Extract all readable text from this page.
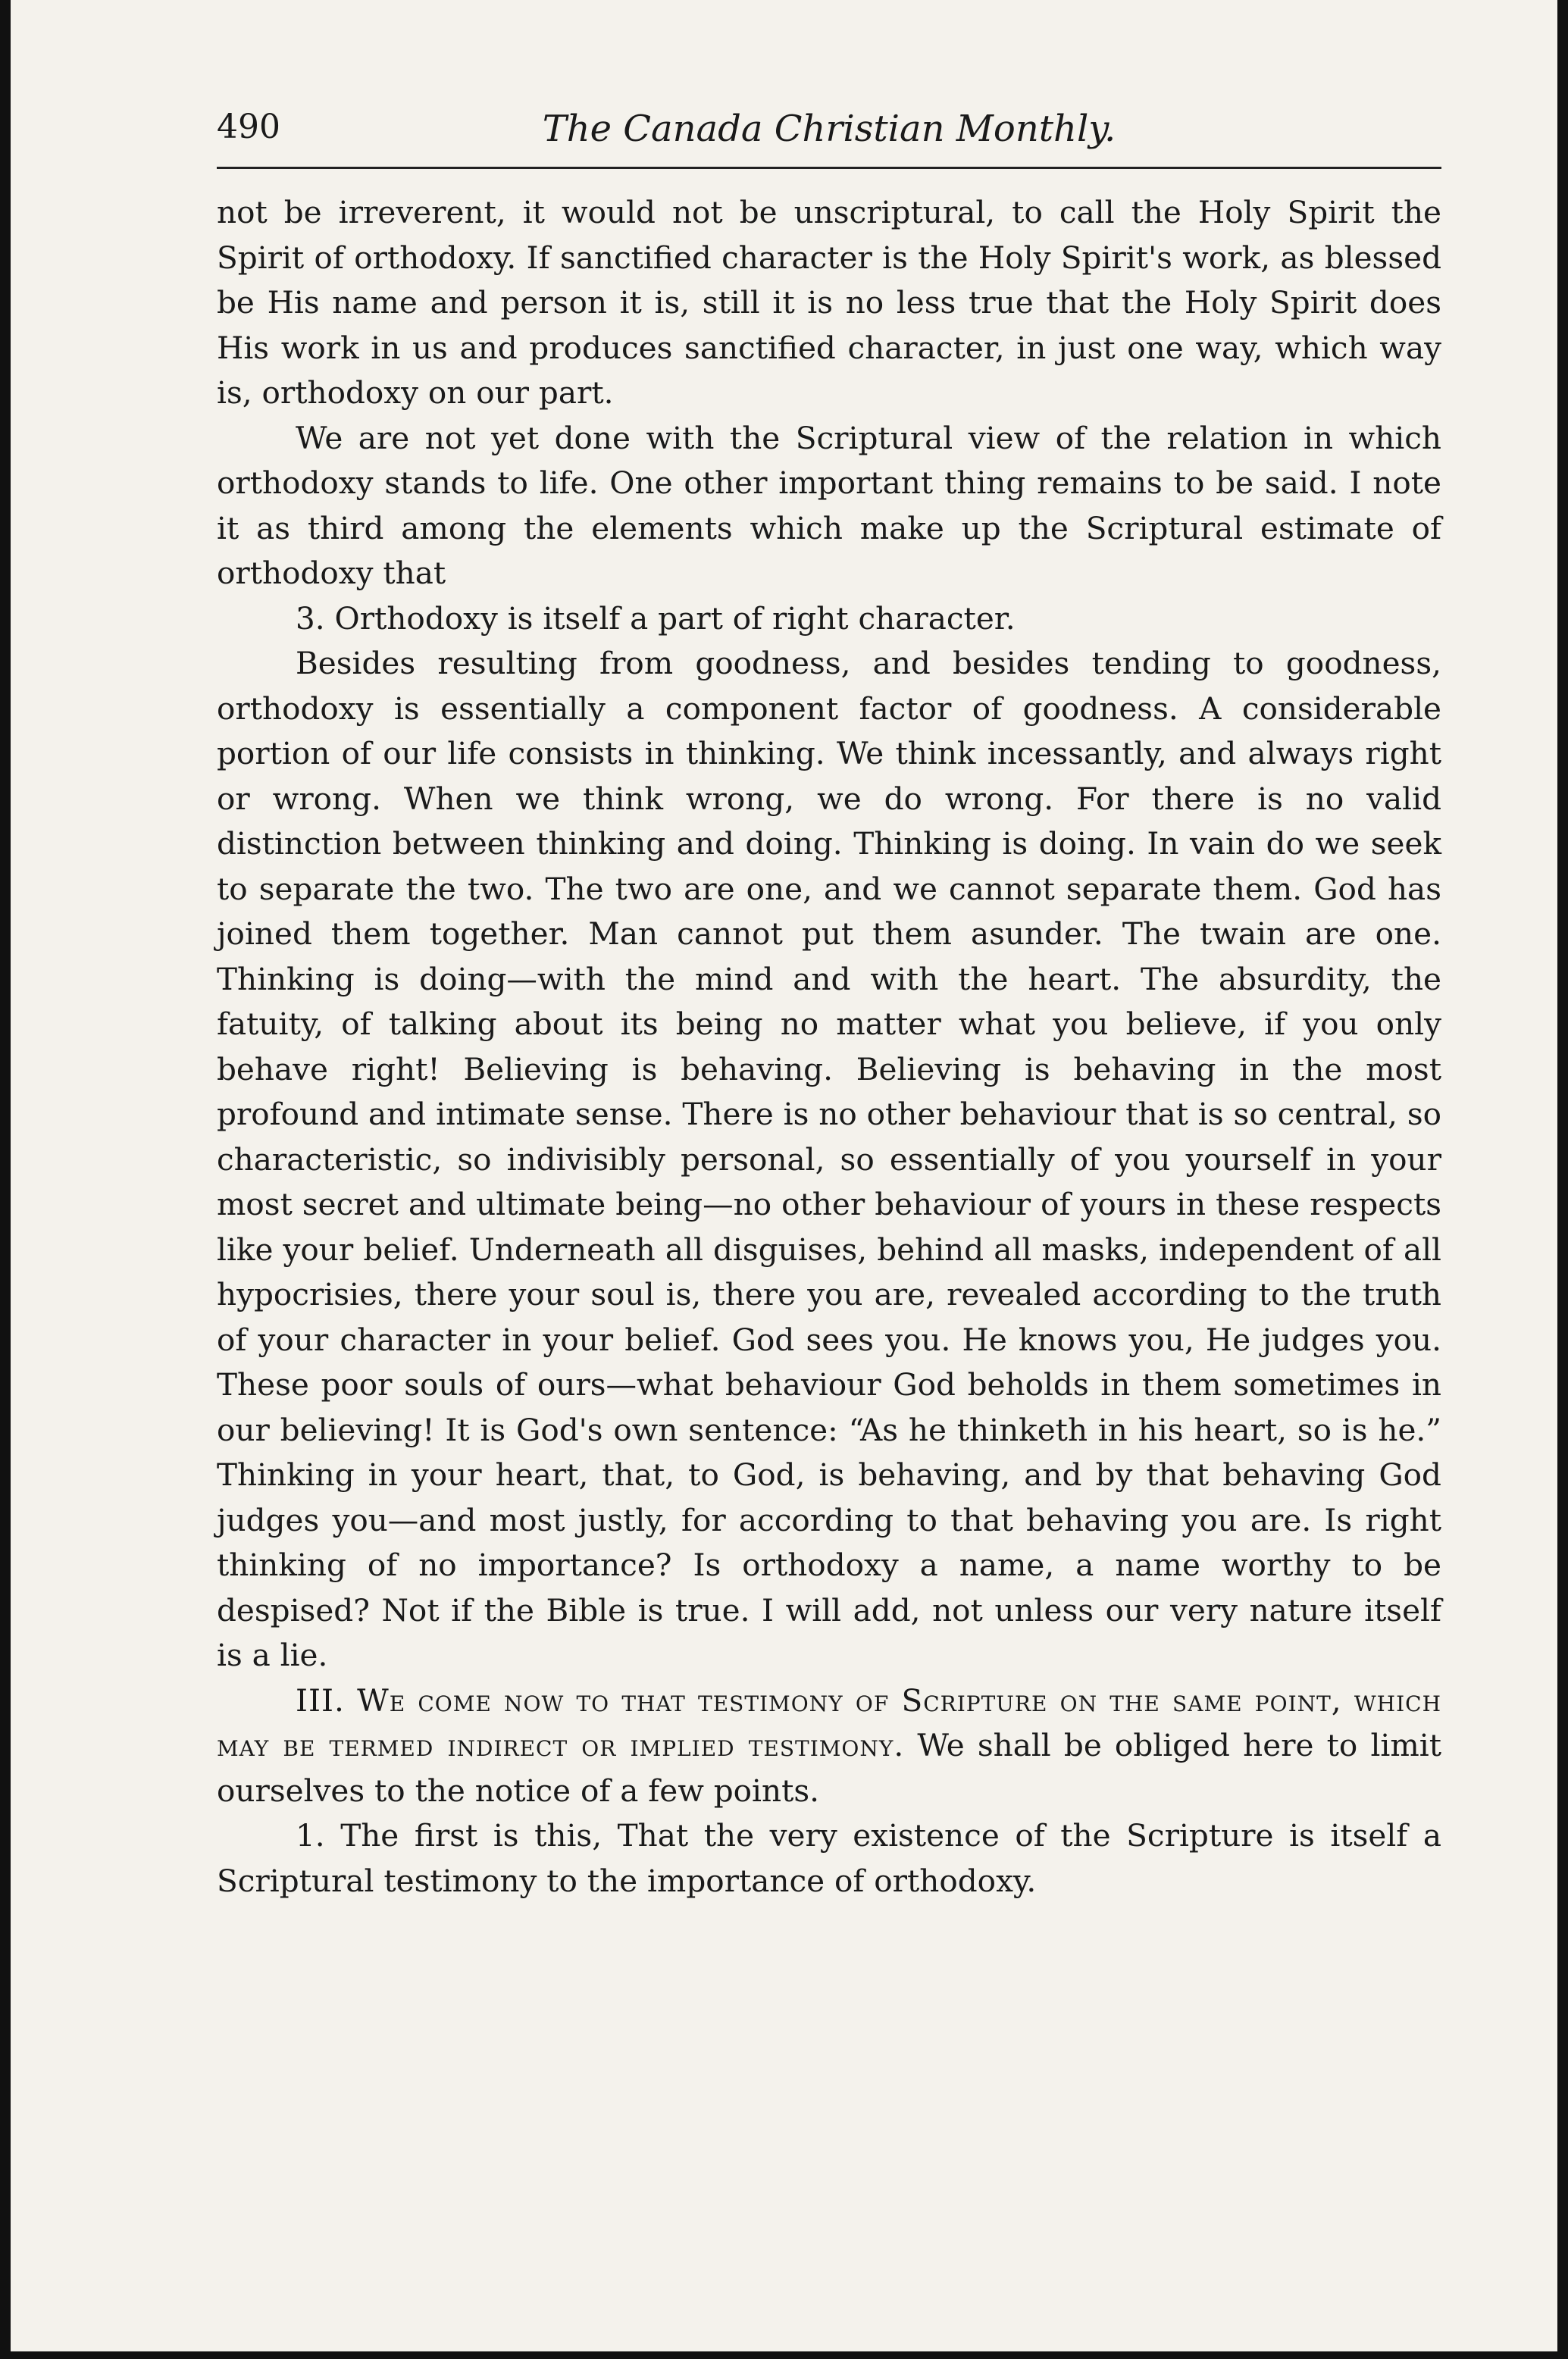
490	The Canada Christian Monthly.

not be irreverent, it would not be unscriptural, to call the Holy Spirit the Spirit of orthodoxy. If sanctified character is the Holy Spirit's work, as blessed be His name and person it is, still it is no less true that the Holy Spirit does His work in us and produces sanctified character, in just one way, which way is, orthodoxy on our part.

We are not yet done with the Scriptural view of the relation in which orthodoxy stands to life. One other important thing remains to be said. I note it as third among the elements which make up the Scriptural estimate of orthodoxy that

3. Orthodoxy is itself a part of right character.

Besides resulting from goodness, and besides tending to goodness, orthodoxy is essentially a component factor of goodness. A considerable portion of our life consists in thinking. We think incessantly, and always right or wrong. When we think wrong, we do wrong. For there is no valid distinction between thinking and doing. Thinking is doing. In vain do we seek to separate the two. The two are one, and we cannot separate them. God has joined them together. Man cannot put them asunder. The twain are one. Thinking is doing—with the mind and with the heart. The absurdity, the fatuity, of talking about its being no matter what you believe, if you only behave right! Believing is behaving. Believing is behaving in the most profound and intimate sense. There is no other behaviour that is so central, so characteristic, so indivisibly personal, so essentially of you yourself in your most secret and ultimate being—no other behaviour of yours in these respects like your belief. Underneath all disguises, behind all masks, independent of all hypocrisies, there your soul is, there you are, revealed according to the truth of your character in your belief. God sees you. He knows you, He judges you. These poor souls of ours—what behaviour God beholds in them sometimes in our believing! It is God's own sentence: “As he thinketh in his heart, so is he.” Thinking in your heart, that, to God, is behaving, and by that behaving God judges you—and most justly, for according to that behaving you are. Is right thinking of no importance? Is orthodoxy a name, a name worthy to be despised? Not if the Bible is true. I will add, not unless our very nature itself is a lie.

III. We come now to that testimony of Scripture on the same point, which may be termed indirect or implied testimony. We shall be obliged here to limit ourselves to the notice of a few points.

1. The first is this, That the very existence of the Scripture is itself a Scriptural testimony to the importance of orthodoxy.
